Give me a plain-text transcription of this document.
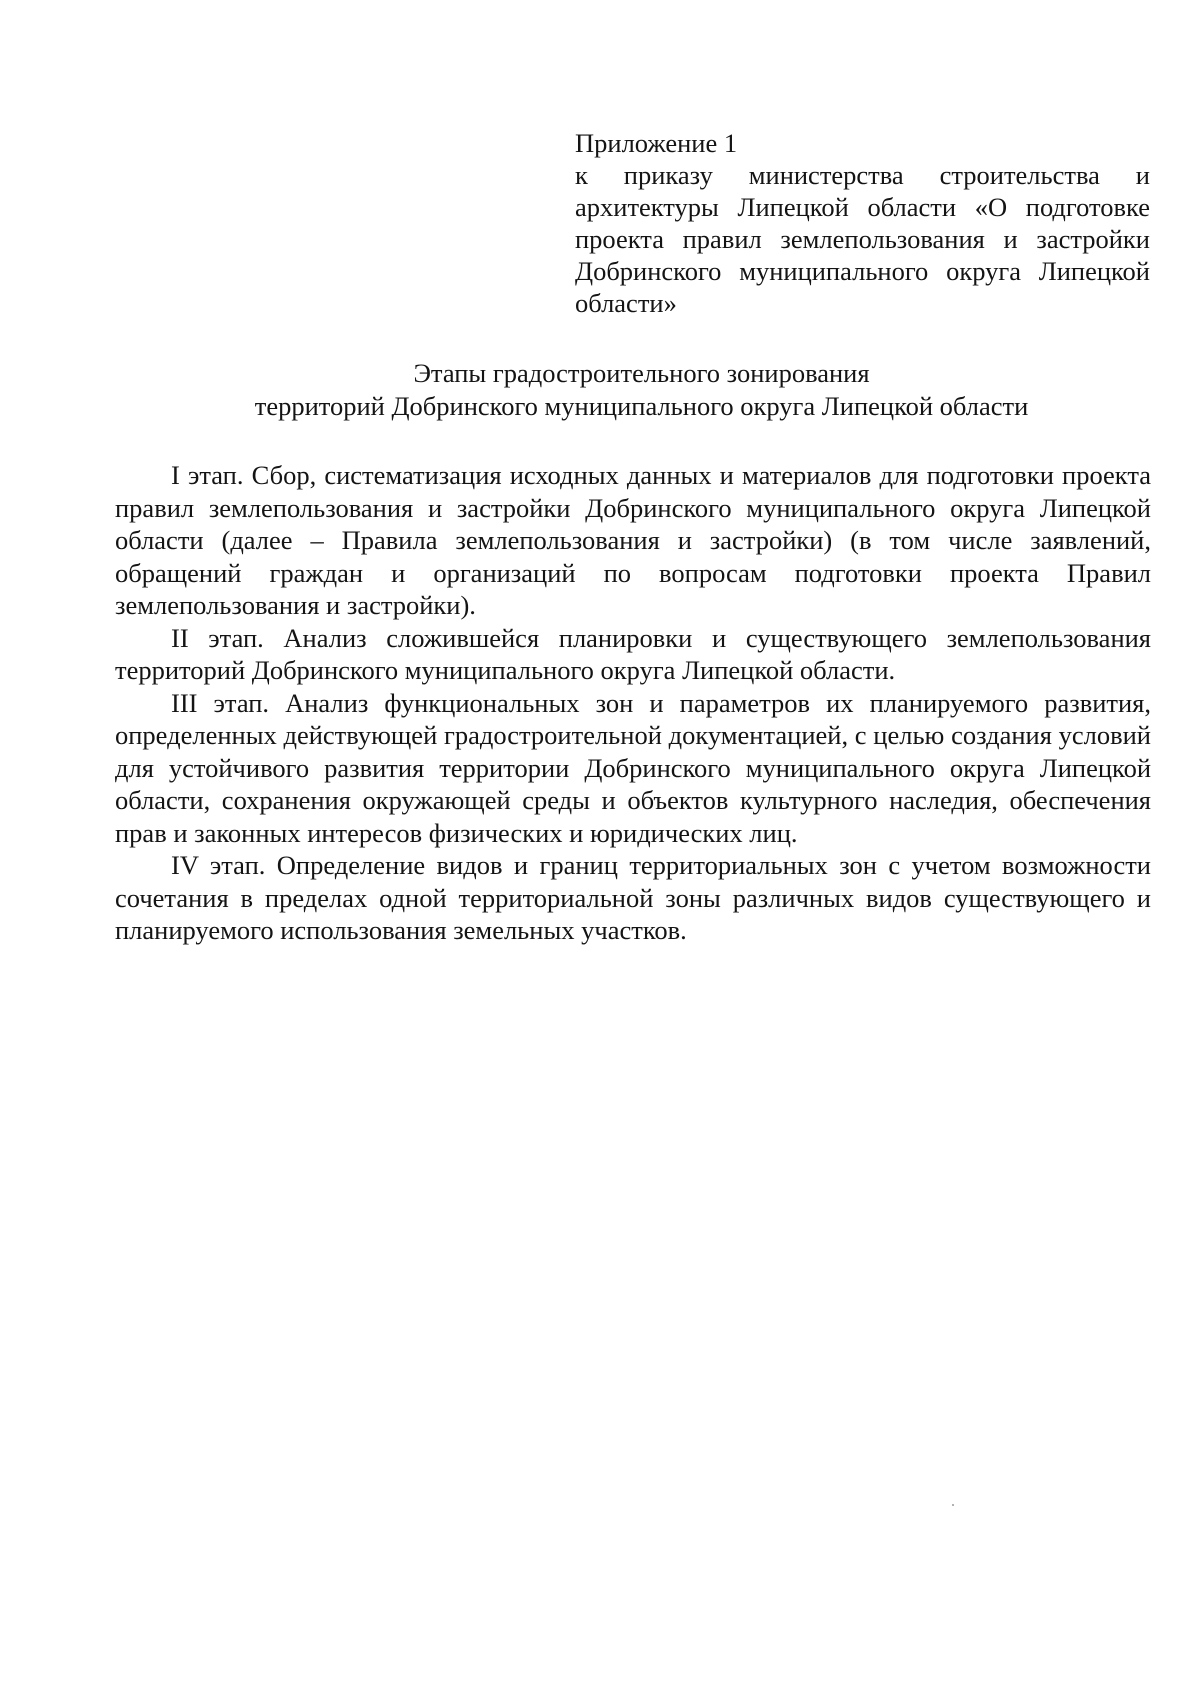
Приложение 1
к приказу министерства строительства и архитектуры Липецкой области «О подготовке проекта правил землепользования и застройки Добринского муниципального округа Липецкой области»
Этапы градостроительного зонирования
территорий Добринского муниципального округа Липецкой области

I этап. Сбор, систематизация исходных данных и материалов для подготовки проекта правил землепользования и застройки Добринского муниципального округа Липецкой области (далее – Правила землепользования и застройки) (в том числе заявлений, обращений граждан и организаций по вопросам подготовки проекта Правил землепользования и застройки).

II этап. Анализ сложившейся планировки и существующего землепользования территорий Добринского муниципального округа Липецкой области.

III этап. Анализ функциональных зон и параметров их планируемого развития, определенных действующей градостроительной документацией, с целью создания условий для устойчивого развития территории Добринского муниципального округа Липецкой области, сохранения окружающей среды и объектов культурного наследия, обеспечения прав и законных интересов физических и юридических лиц.

IV этап. Определение видов и границ территориальных зон с учетом возможности сочетания в пределах одной территориальной зоны различных видов существующего и планируемого использования земельных участков.
